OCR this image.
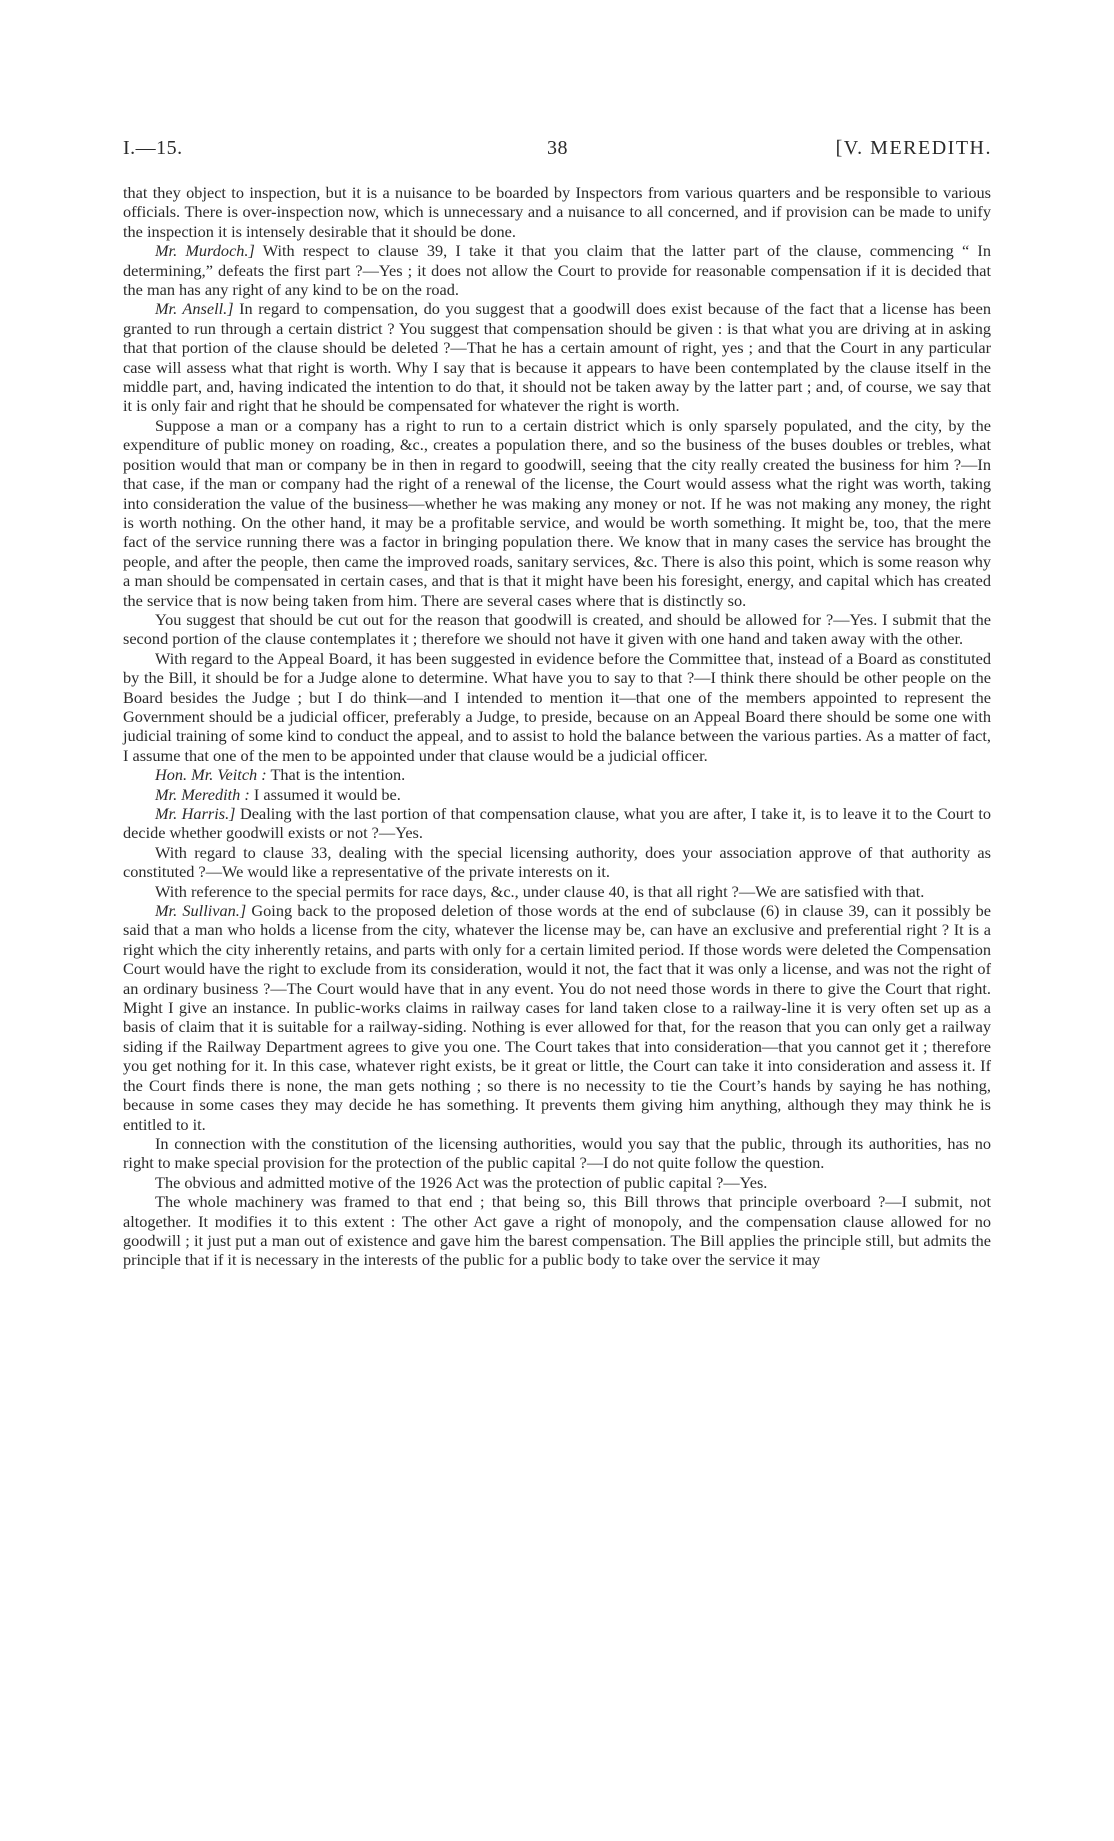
I.—15.	38	[V. MEREDITH.

that they object to inspection, but it is a nuisance to be boarded by Inspectors from various quarters and be responsible to various officials. There is over-inspection now, which is unnecessary and a nuisance to all concerned, and if provision can be made to unify the inspection it is intensely desirable that it should be done.

Mr. Murdoch.] With respect to clause 39, I take it that you claim that the latter part of the clause, commencing “ In determining,” defeats the first part ?—Yes ; it does not allow the Court to provide for reasonable compensation if it is decided that the man has any right of any kind to be on the road.

Mr. Ansell.] In regard to compensation, do you suggest that a goodwill does exist because of the fact that a license has been granted to run through a certain district ? You suggest that compensation should be given : is that what you are driving at in asking that that portion of the clause should be deleted ?—That he has a certain amount of right, yes ; and that the Court in any particular case will assess what that right is worth. Why I say that is because it appears to have been contemplated by the clause itself in the middle part, and, having indicated the intention to do that, it should not be taken away by the latter part ; and, of course, we say that it is only fair and right that he should be compensated for whatever the right is worth.

Suppose a man or a company has a right to run to a certain district which is only sparsely populated, and the city, by the expenditure of public money on roading, &c., creates a population there, and so the business of the buses doubles or trebles, what position would that man or company be in then in regard to goodwill, seeing that the city really created the business for him ?—In that case, if the man or company had the right of a renewal of the license, the Court would assess what the right was worth, taking into consideration the value of the business—whether he was making any money or not. If he was not making any money, the right is worth nothing. On the other hand, it may be a profitable service, and would be worth something. It might be, too, that the mere fact of the service running there was a factor in bringing population there. We know that in many cases the service has brought the people, and after the people, then came the improved roads, sanitary services, &c. There is also this point, which is some reason why a man should be compensated in certain cases, and that is that it might have been his foresight, energy, and capital which has created the service that is now being taken from him. There are several cases where that is distinctly so.

You suggest that should be cut out for the reason that goodwill is created, and should be allowed for ?—Yes. I submit that the second portion of the clause contemplates it ; therefore we should not have it given with one hand and taken away with the other.

With regard to the Appeal Board, it has been suggested in evidence before the Committee that, instead of a Board as constituted by the Bill, it should be for a Judge alone to determine. What have you to say to that ?—I think there should be other people on the Board besides the Judge ; but I do think—and I intended to mention it—that one of the members appointed to represent the Government should be a judicial officer, preferably a Judge, to preside, because on an Appeal Board there should be some one with judicial training of some kind to conduct the appeal, and to assist to hold the balance between the various parties. As a matter of fact, I assume that one of the men to be appointed under that clause would be a judicial officer.

Hon. Mr. Veitch : That is the intention.

Mr. Meredith : I assumed it would be.

Mr. Harris.] Dealing with the last portion of that compensation clause, what you are after, I take it, is to leave it to the Court to decide whether goodwill exists or not ?—Yes.

With regard to clause 33, dealing with the special licensing authority, does your association approve of that authority as constituted ?—We would like a representative of the private interests on it.

With reference to the special permits for race days, &c., under clause 40, is that all right ?—We are satisfied with that.

Mr. Sullivan.] Going back to the proposed deletion of those words at the end of subclause (6) in clause 39, can it possibly be said that a man who holds a license from the city, whatever the license may be, can have an exclusive and preferential right ? It is a right which the city inherently retains, and parts with only for a certain limited period. If those words were deleted the Compensation Court would have the right to exclude from its consideration, would it not, the fact that it was only a license, and was not the right of an ordinary business ?—The Court would have that in any event. You do not need those words in there to give the Court that right. Might I give an instance. In public-works claims in railway cases for land taken close to a railway-line it is very often set up as a basis of claim that it is suitable for a railway-siding. Nothing is ever allowed for that, for the reason that you can only get a railway siding if the Railway Department agrees to give you one. The Court takes that into consideration—that you cannot get it ; therefore you get nothing for it. In this case, whatever right exists, be it great or little, the Court can take it into consideration and assess it. If the Court finds there is none, the man gets nothing ; so there is no necessity to tie the Court’s hands by saying he has nothing, because in some cases they may decide he has something. It prevents them giving him anything, although they may think he is entitled to it.

In connection with the constitution of the licensing authorities, would you say that the public, through its authorities, has no right to make special provision for the protection of the public capital ?—I do not quite follow the question.

The obvious and admitted motive of the 1926 Act was the protection of public capital ?—Yes.

The whole machinery was framed to that end ; that being so, this Bill throws that principle overboard ?—I submit, not altogether. It modifies it to this extent : The other Act gave a right of monopoly, and the compensation clause allowed for no goodwill ; it just put a man out of existence and gave him the barest compensation. The Bill applies the principle still, but admits the principle that if it is necessary in the interests of the public for a public body to take over the service it may
